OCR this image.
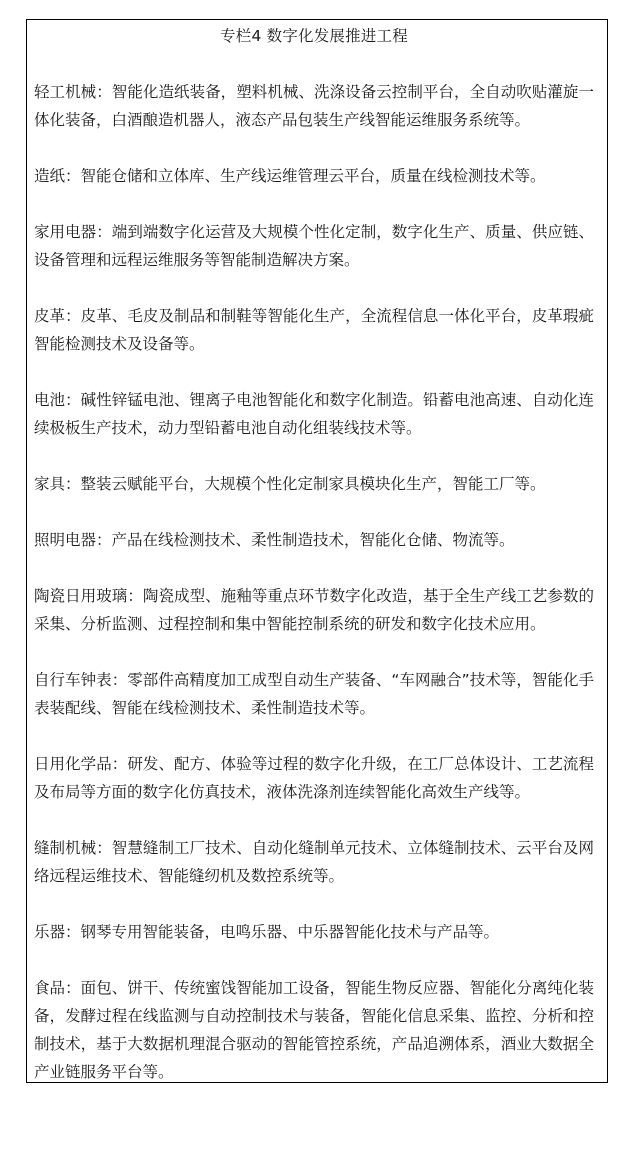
专栏4 数字化发展推进工程

轻工机械：智能化造纸装备，塑料机械、洗涤设备云控制平台，全自动吹贴灌旋一体化装备，白酒酿造机器人，液态产品包装生产线智能运维服务系统等。

造纸：智能仓储和立体库、生产线运维管理云平台，质量在线检测技术等。

家用电器：端到端数字化运营及大规模个性化定制，数字化生产、质量、供应链、设备管理和远程运维服务等智能制造解决方案。

皮革：皮革、毛皮及制品和制鞋等智能化生产，全流程信息一体化平台，皮革瑕疵智能检测技术及设备等。

电池：碱性锌锰电池、锂离子电池智能化和数字化制造。铅蓄电池高速、自动化连续极板生产技术，动力型铅蓄电池自动化组装线技术等。

家具：整装云赋能平台，大规模个性化定制家具模块化生产，智能工厂等。

照明电器：产品在线检测技术、柔性制造技术，智能化仓储、物流等。

陶瓷日用玻璃：陶瓷成型、施釉等重点环节数字化改造，基于全生产线工艺参数的采集、分析监测、过程控制和集中智能控制系统的研发和数字化技术应用。

自行车钟表：零部件高精度加工成型自动生产装备、“车网融合”技术等，智能化手表装配线、智能在线检测技术、柔性制造技术等。

日用化学品：研发、配方、体验等过程的数字化升级，在工厂总体设计、工艺流程及布局等方面的数字化仿真技术，液体洗涤剂连续智能化高效生产线等。

缝制机械：智慧缝制工厂技术、自动化缝制单元技术、立体缝制技术、云平台及网络远程运维技术、智能缝纫机及数控系统等。

乐器：钢琴专用智能装备，电鸣乐器、中乐器智能化技术与产品等。

食品：面包、饼干、传统蜜饯智能加工设备，智能生物反应器、智能化分离纯化装备，发酵过程在线监测与自动控制技术与装备，智能化信息采集、监控、分析和控制技术，基于大数据机理混合驱动的智能管控系统，产品追溯体系，酒业大数据全产业链服务平台等。
